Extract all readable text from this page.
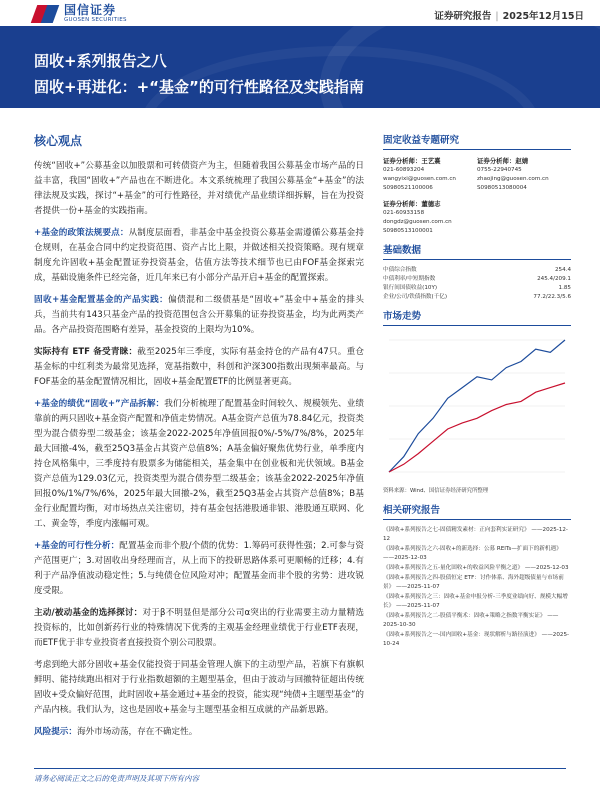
国信证券
GUOSEN SECURITIES	证券研究报告 | 2025年12月15日
固收+系列报告之八
固收+再进化：+“基金”的可行性路径及实践指南
核心观点

传统“固收+”公募基金以加股票和可转债资产为主，但随着我国公募基金市场产品的日益丰富，我国“固收+”产品也在不断进化。本文系统梳理了我国公募基金“+基金”的法律法规及实践，探讨“+基金”的可行性路径，并对绩优产品业绩详细拆解，旨在为投资者提供一份+基金的实践指南。

+基金的政策法规要点：从制度层面看，非基金中基金投资公募基金需遵循公募基金持仓规则，在基金合同中约定投资范围、资产占比上限，并做述相关投资策略。现有规章制度允许固收+基金配置证券投资基金，估值方法等技术细节也已由FOF基金探索完成，基础设施条件已经完备，近几年来已有小部分产品开启+基金的配置探索。

固收+基金配置基金的产品实践：偏债混和二级债基是“固收+”基金中+基金的排头兵，当前共有143只基金产品的投资范围包含公开募集的证券投资基金，均为此两类产品。各产品投资范围略有差异，基金投资的上限均为10%。

实际持有 ETF 备受青睐：截至2025年三季度，实际有基金持仓的产品有47只。重仓基金标的中红利类为最常见选择，宽基指数中，科创和沪深300指数出现频率最高。与FOF基金的基金配置情况相比，固收+基金配置ETF的比例显著更高。

+基金的绩优“固收+”产品拆解：我们分析梳理了配置基金时间较久、规模领先、业绩靠前的两只固收+基金资产配置和净值走势情况。A基金资产总值为78.84亿元，投资类型为混合债券型二级基金；该基金2022-2025年净值回报0%/-5%/7%/8%，2025年最大回撤-4%，截至25Q3基金占其资产总值8%；A基金偏好聚焦优势行业，单季度内持仓风格集中，三季度持有股票多为储能相关，基金集中在创业板和光伏领域。B基金资产总值为129.03亿元，投资类型为混合债券型二级基金；该基金2022-2025年净值回报0%/1%/7%/6%，2025年最大回撤-2%，截至25Q3基金占其资产总值8%；B基金行业配置均衡，对市场热点关注密切，持有基金包括港股通非银、港股通互联网、化工、黄金等，季度内涨幅可观。

+基金的可行性分析：配置基金而非个股/个债的优势：1.筹码可获得性强；2.可参与资产范围更广；3.对固收出身经理而言，从上而下的投研思路体系可更顺畅的迁移；4.有利于产品净值波动稳定性；5.与纯债仓位风险对冲；配置基金而非个股的劣势：进攻锐度受限。

主动/被动基金的选择探讨：对于β不明显但是部分公司α突出的行业需要主动力量精选投资标的，比如创新药行业的特殊情况下优秀的主观基金经理业绩优于行业ETF表现，而ETF优于非专业投资者直接投资个别公司股票。

考虑到绝大部分固收+基金仅能投资于同基金管理人旗下的主动型产品，若旗下有旗帜鲜明、能持续跑出相对于行业指数超额的主题型基金，但由于波动与回撤特征超出传统固收+受众偏好范围，此时固收+基金通过+基金的投资，能实现“纯债+主题型基金”的产品内核。我们认为，这也是固收+基金与主题型基金相互成就的产品新思路。

风险提示：海外市场动荡，存在不确定性。

固定收益专题研究
证券分析师：王艺熹
021-60893204
wangyixi@guosen.com.cn
S0980521100006
证券分析师：赵婧
0755-22940745
zhaojing@guosen.com.cn
S0980513080004
证券分析师：董德志
021-60933158
dongdz@guosen.com.cn
S0980513100001
基础数据
中债综合指数	254.4
中债利率/中短期指数	245.4/209.1
银行间国债收益(10Y)	1.85
企业/公司/铁债指数(千亿)	77.2/22.3/5.6
市场走势
资料来源：Wind、国信证券经济研究所整理
相关研究报告
《固收+系列报告之七-固债精发素材：正向套利实证研究》 ——2025-12-12
《固收+系列报告之六-固收+的新选择：公募 REITs—扩面下的新机遇》 ——2025-12-03
《固收+系列报告之五-量化固收+的收益风险平衡之道》 ——2025-12-03
《固收+系列报告之四-股债恒定 ETF：讨作体系、海外超级债量与市场前景》 ——2025-11-07
《固收+系列报告之三：固收+基金申报分析-三季度业绩向好、规模大幅增长》 ——2025-11-07
《固收+系列报告之二-股债平衡术：固收+策略之指数平衡实证》 ——2025-10-30
《固收+系列报告之一-国内固收+基金：现状解析与路径演进》 ——2025-10-24
请务必阅读正文之后的免责声明及其项下所有内容
